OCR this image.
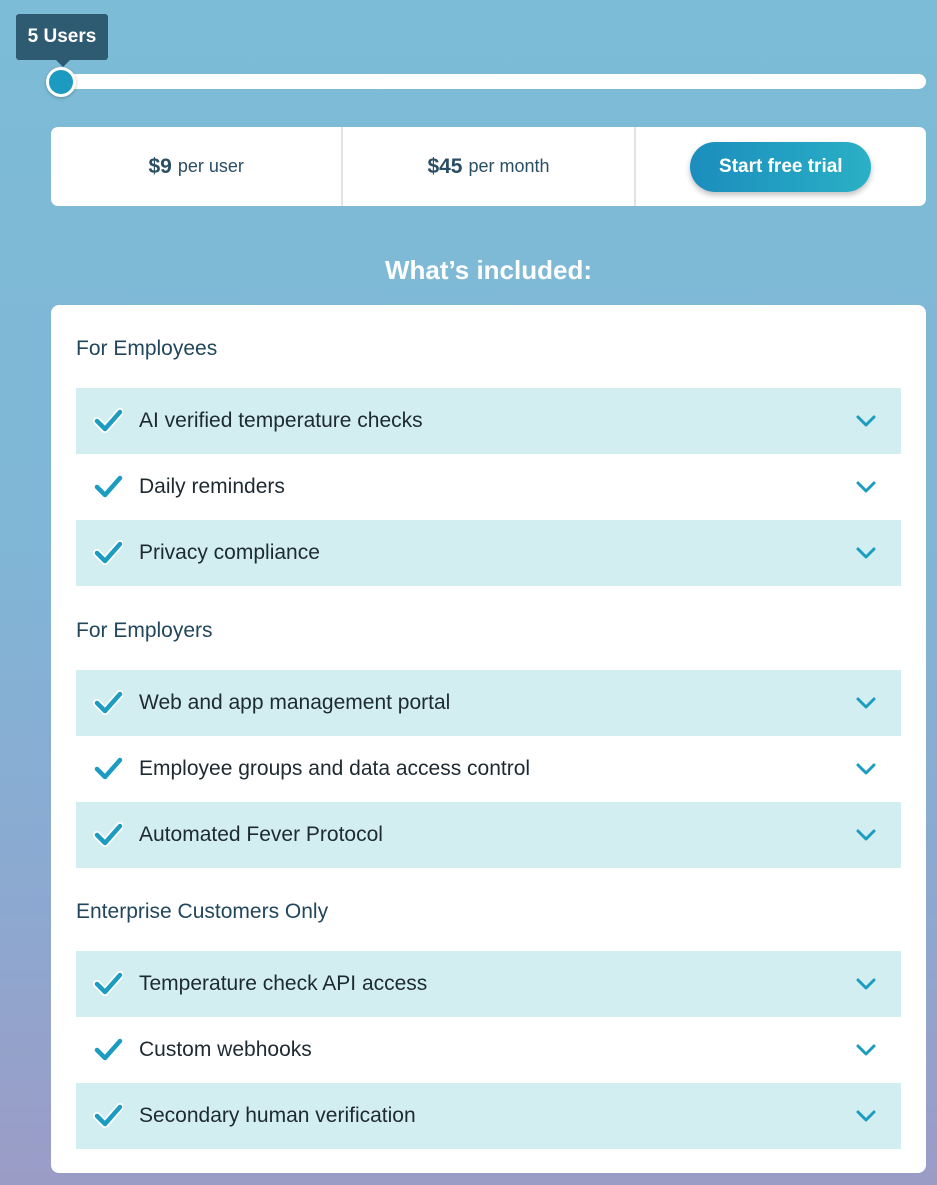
5 Users
$9 per user	$45 per month	Start free trial
What’s included:
For Employees
AI verified temperature checks
Daily reminders
Privacy compliance
For Employers
Web and app management portal
Employee groups and data access control
Automated Fever Protocol
Enterprise Customers Only
Temperature check API access
Custom webhooks
Secondary human verification
